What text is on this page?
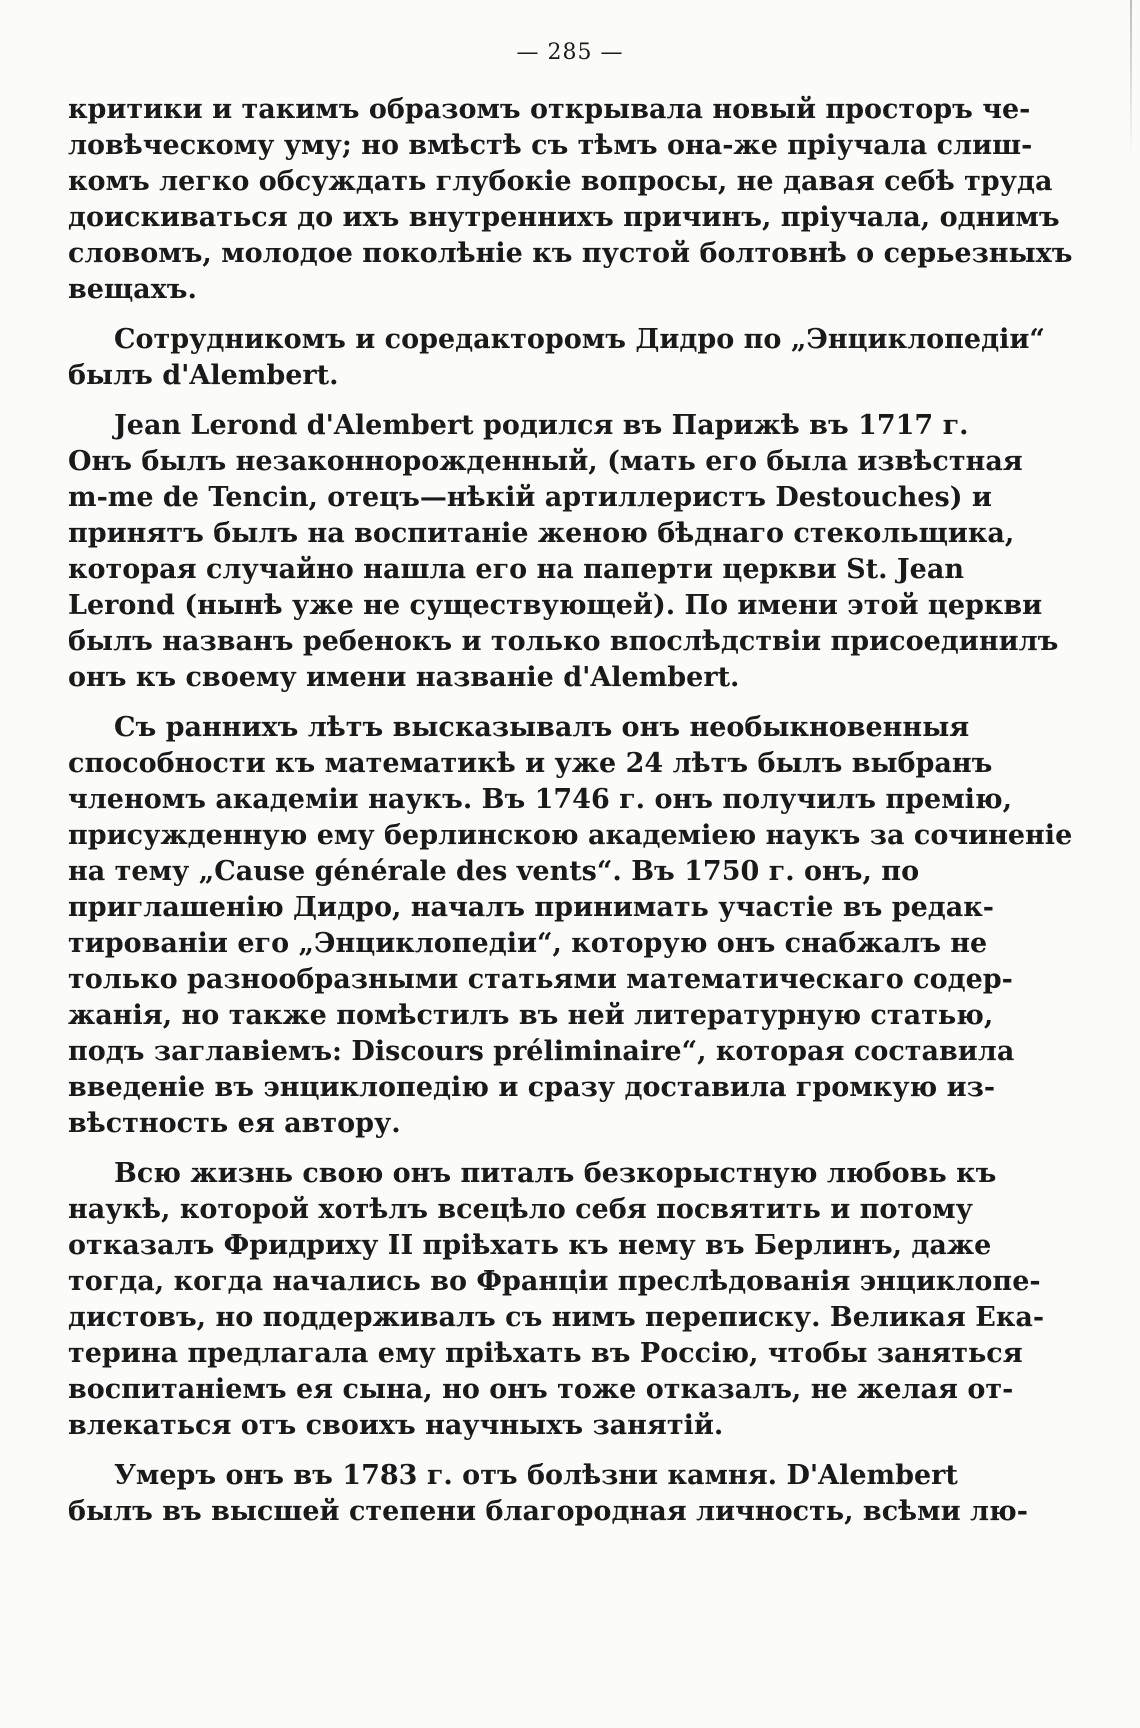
— 285 —
критики и такимъ образомъ открывала новый просторъ че-
ловѣческому уму; но вмѣстѣ съ тѣмъ она-же пріучала слиш-
комъ легко обсуждать глубокіе вопросы, не давая себѣ труда
доискиваться до ихъ внутреннихъ причинъ, пріучала, однимъ
словомъ, молодое поколѣніе къ пустой болтовнѣ о серьезныхъ
вещахъ.
Сотрудникомъ и соредакторомъ Дидро по „Энциклопедіи“
былъ d'Alembert.
Jean Lerond d'Alembert родился въ Парижѣ въ 1717 г.
Онъ былъ незаконнорожденный, (мать его была извѣстная
m-me de Tencin, отецъ—нѣкій артиллеристъ Destouches) и
принятъ былъ на воспитаніе женою бѣднаго стекольщика,
которая случайно нашла его на паперти церкви St. Jean
Lerond (нынѣ уже не существующей). По имени этой церкви
былъ названъ ребенокъ и только впослѣдствіи присоединилъ
онъ къ своему имени названіе d'Alembert.
Съ раннихъ лѣтъ высказывалъ онъ необыкновенныя
способности къ математикѣ и уже 24 лѣтъ былъ выбранъ
членомъ академіи наукъ. Въ 1746 г. онъ получилъ премію,
присужденную ему берлинскою академіею наукъ за сочиненіе
на тему „Cause générale des vents“. Въ 1750 г. онъ, по
приглашенію Дидро, началъ принимать участіе въ редак-
тированіи его „Энциклопедіи“, которую онъ снабжалъ не
только разнообразными статьями математическаго содер-
жанія, но также помѣстилъ въ ней литературную статью,
подъ заглавіемъ: Discours préliminaire“, которая составила
введеніе въ энциклопедію и сразу доставила громкую из-
вѣстность ея автору.
Всю жизнь свою онъ питалъ безкорыстную любовь къ
наукѣ, которой хотѣлъ всецѣло себя посвятить и потому
отказалъ Фридриху II пріѣхать къ нему въ Берлинъ, даже
тогда, когда начались во Франціи преслѣдованія энциклопе-
дистовъ, но поддерживалъ съ нимъ переписку. Великая Ека-
терина предлагала ему пріѣхать въ Россію, чтобы заняться
воспитаніемъ ея сына, но онъ тоже отказалъ, не желая от-
влекаться отъ своихъ научныхъ занятій.
Умеръ онъ въ 1783 г. отъ болѣзни камня. D'Alembert
былъ въ высшей степени благородная личность, всѣми лю-
